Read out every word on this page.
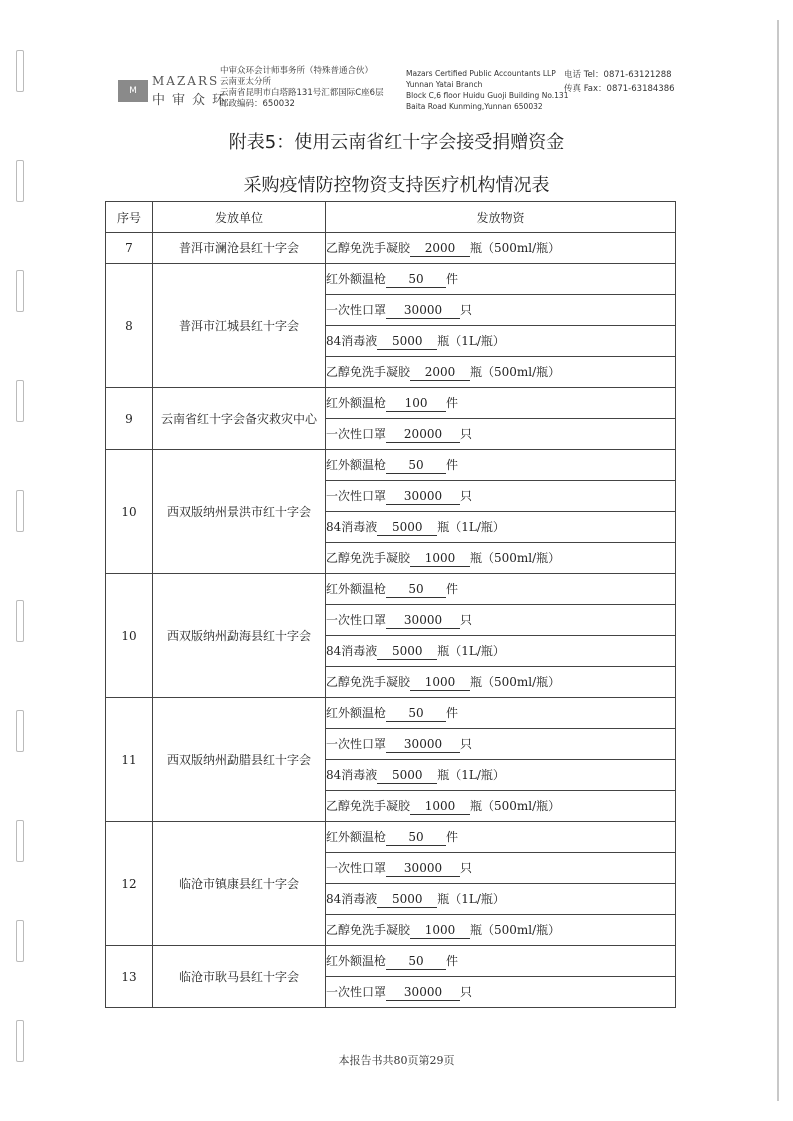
M
MAZARS
中审众环
中审众环会计师事务所（特殊普通合伙）
云南亚太分所
云南省昆明市白塔路131号汇都国际C座6层
邮政编码：650032
Mazars Certified Public Accountants LLP
Yunnan Yatai Branch
Block C,6 floor Huidu Guoji Building No.131
Baita Road Kunming,Yunnan 650032
电话 Tel：0871-63121288
传真 Fax：0871-63184386
附表5：使用云南省红十字会接受捐赠资金
采购疫情防控物资支持医疗机构情况表
序号	发放单位	发放物资
7	普洱市澜沧县红十字会	乙醇免洗手凝胶 2000 瓶（500ml/瓶）
8	普洱市江城县红十字会	红外额温枪 50 件
		一次性口罩 30000 只
		84消毒液 5000 瓶（1L/瓶）
		乙醇免洗手凝胶 2000 瓶（500ml/瓶）
9	云南省红十字会备灾救灾中心	红外额温枪 100 件
		一次性口罩 20000 只
10	西双版纳州景洪市红十字会	红外额温枪 50 件
		一次性口罩 30000 只
		84消毒液 5000 瓶（1L/瓶）
		乙醇免洗手凝胶 1000 瓶（500ml/瓶）
10	西双版纳州勐海县红十字会	红外额温枪 50 件
		一次性口罩 30000 只
		84消毒液 5000 瓶（1L/瓶）
		乙醇免洗手凝胶 1000 瓶（500ml/瓶）
11	西双版纳州勐腊县红十字会	红外额温枪 50 件
		一次性口罩 30000 只
		84消毒液 5000 瓶（1L/瓶）
		乙醇免洗手凝胶 1000 瓶（500ml/瓶）
12	临沧市镇康县红十字会	红外额温枪 50 件
		一次性口罩 30000 只
		84消毒液 5000 瓶（1L/瓶）
		乙醇免洗手凝胶 1000 瓶（500ml/瓶）
13	临沧市耿马县红十字会	红外额温枪 50 件
		一次性口罩 30000 只
本报告书共80页第29页
